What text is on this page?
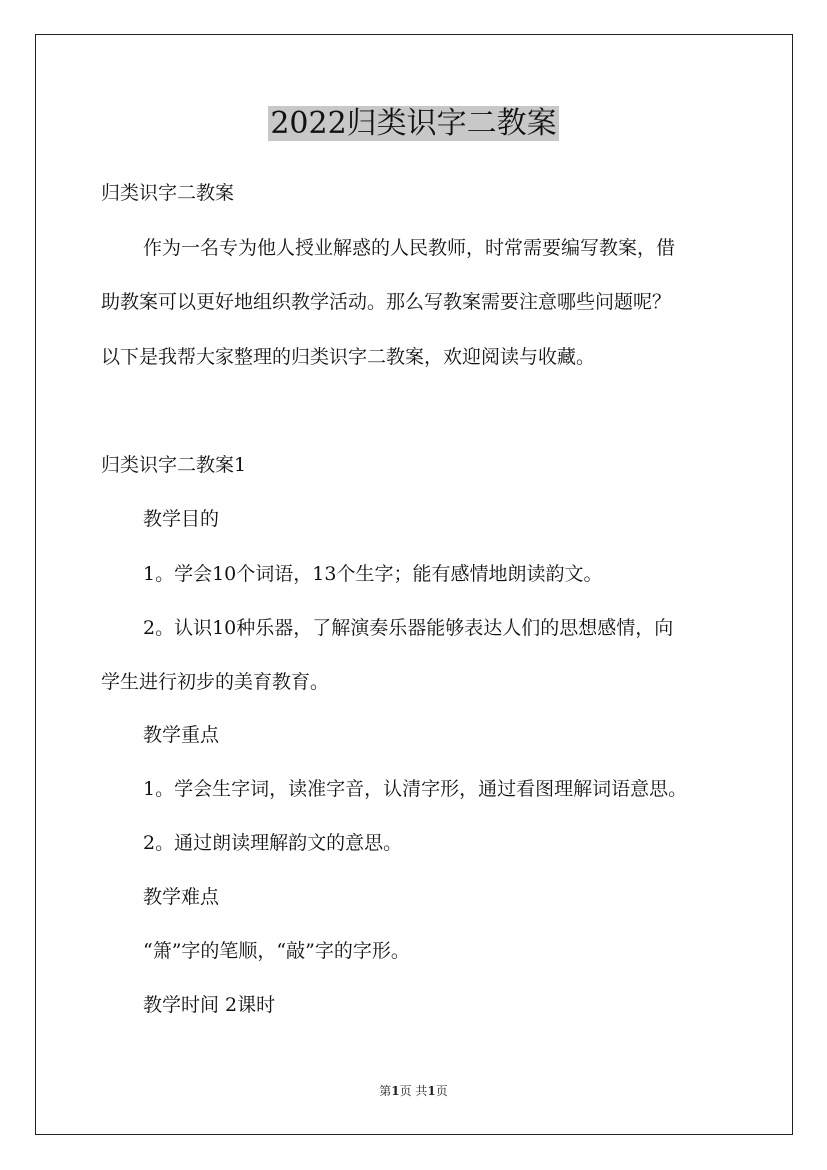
2022归类识字二教案

归类识字二教案

作为一名专为他人授业解惑的人民教师，时常需要编写教案，借

助教案可以更好地组织教学活动。那么写教案需要注意哪些问题呢？

以下是我帮大家整理的归类识字二教案，欢迎阅读与收藏。

归类识字二教案1

教学目的

1。学会10个词语，13个生字；能有感情地朗读韵文。

2。认识10种乐器，了解演奏乐器能够表达人们的思想感情，向

学生进行初步的美育教育。

教学重点

1。学会生字词，读准字音，认清字形，通过看图理解词语意思。

2。通过朗读理解韵文的意思。

教学难点

“箫”字的笔顺，“敲”字的字形。

教学时间 2课时

第1页 共1页
